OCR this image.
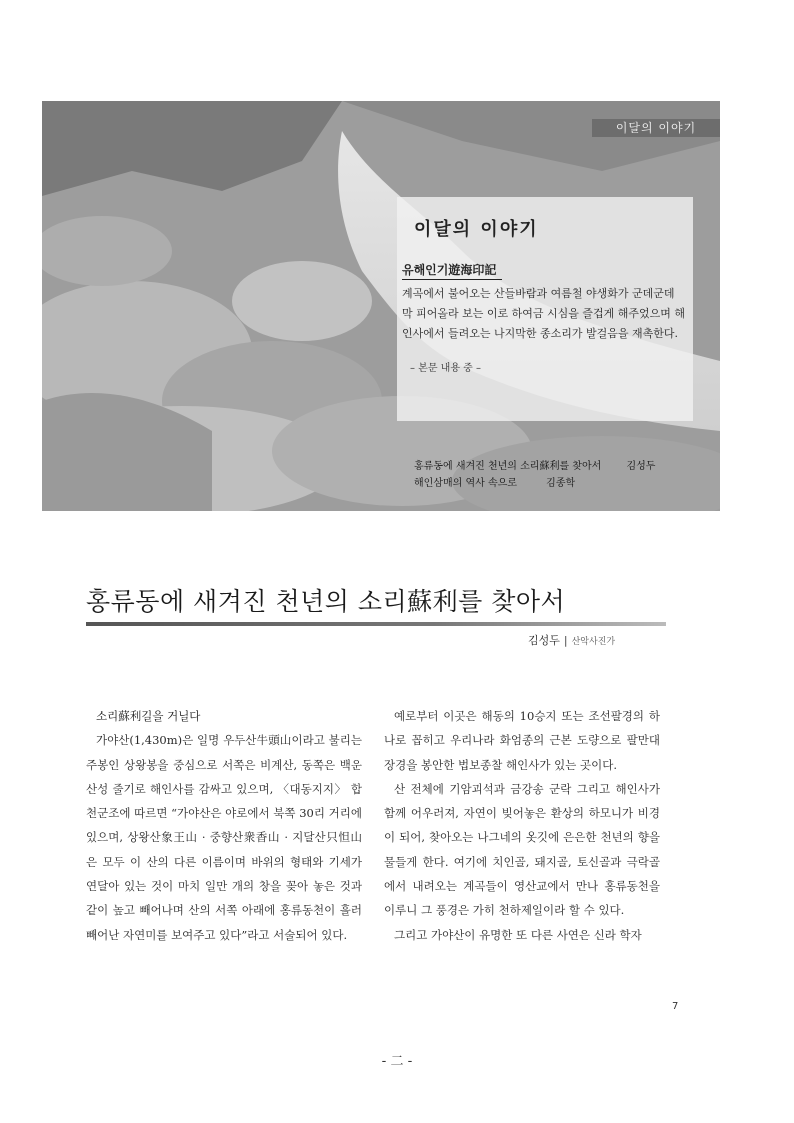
이달의 이야기
이달의 이야기
유해인기遊海印記
계곡에서 불어오는 산들바람과 여름철 야생화가 군데군데 막 피어올라 보는 이로 하여금 시심을 즐겁게 해주었으며 해인사에서 들려오는 나지막한 종소리가 발걸음을 재촉한다.
– 본문 내용 중 –
홍류동에 새겨진 천년의 소리蘇利를 찾아서	김성두
해인삼매의 역사 속으로	김종학
홍류동에 새겨진 천년의 소리蘇利를 찾아서
김성두 | 산악사진가
소리蘇利길을 거닐다

가야산(1,430m)은 일명 우두산牛頭山이라고 불리는 주봉인 상왕봉을 중심으로 서쪽은 비계산, 동쪽은 백운산성 줄기로 해인사를 감싸고 있으며, 〈대동지지〉 합천군조에 따르면 “가야산은 야로에서 북쪽 30리 거리에 있으며, 상왕산象王山 · 중향산衆香山 · 지달산只怛山은 모두 이 산의 다른 이름이며 바위의 형태와 기세가 연달아 있는 것이 마치 일만 개의 창을 꽂아 놓은 것과 같이 높고 빼어나며 산의 서쪽 아래에 홍류동천이 흘러 빼어난 자연미를 보여주고 있다”라고 서술되어 있다.

예로부터 이곳은 해동의 10승지 또는 조선팔경의 하나로 꼽히고 우리나라 화엄종의 근본 도량으로 팔만대장경을 봉안한 법보종찰 해인사가 있는 곳이다.

산 전체에 기암괴석과 금강송 군락 그리고 해인사가 함께 어우러져, 자연이 빚어놓은 환상의 하모니가 비경이 되어, 찾아오는 나그네의 옷깃에 은은한 천년의 향을 물들게 한다. 여기에 치인골, 돼지골, 토신골과 극락골에서 내려오는 계곡들이 영산교에서 만나 홍류동천을 이루니 그 풍경은 가히 천하제일이라 할 수 있다.

그리고 가야산이 유명한 또 다른 사연은 신라 학자

7
- 二 -
